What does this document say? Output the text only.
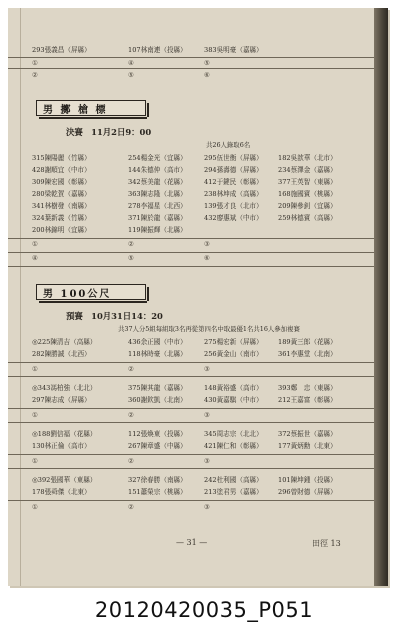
293張義昌（屏縣）	107林南連（投縣）	383吳明豪（嘉縣）
①	④	⑤
②	⑤	⑥
男 擲 槍 標
決賽　11月2日9：00
共26人錄取6名
315陳陽麗（竹縣）	254楊金光（宜縣）	295伍世衡（屏縣） 182吳歆華（北市）
428謝順宜（中市）	144朱德仲（高市）	294孫壽德（屏縣） 234蔡澤金（嘉縣）
309陳宏國（彰縣）	342蔡美龍（花縣）	412于鍵民（彰縣） 377王英智（東縣）
280梁乾賀（嘉縣）	363陳志隆（北縣）	238林坤成（高縣） 168施國賓（桃縣）
341林樹發（南縣）	278李福星（北西）	139張才良（北市） 209陳參釗（宜縣）
324葉新義（竹縣）	371陳於龍（嘉縣）	432廖惠斌（中市） 259林德賓（高縣）
200林錦明（宜縣）	119陳振輝（北縣）
①	②	③
④	⑤	⑥
男 100公尺
預賽　10月31日14：20
共37人分5組每組取3名再從第四名中取最優1名共16人參加複賽
◎225陳清吉（高縣）	436余正國（中市）	275楊宏新（屏縣） 189黃三郎（花縣）
282陳勝誠（北西）	118林時豪（北縣）	256黃金山（南市） 361李惠堂（北南）
①	②	③
◎343馮柏強（北北）	375陳其龍（嘉縣）	148黃裕盛（高市） 393鄭　忠（東縣）
297陳志成（屏縣）	360謝欽凱（北南）	430黃嘉騏（中市） 212王嘉富（彰縣）
①	②	③
◎188劉信福（花縣）	112張煥東（投縣）	345周志宗（北北） 372蔡振世（嘉縣）
130林正倫（高市）	267陳章盛（中縣）	421陳仁和（彰縣） 177黃炳勳（北東）
①	②	③
◎392張國華（東縣）	327徐春勝（南縣）	242杜利國（高縣） 101陳坤鍾（投縣）
178張舜傑（北東）	151蕭榮宗（桃縣）	213塗君男（嘉縣） 296曾財德（屏縣）
①	②	③
— 31 —	田徑 13
20120420035_P051
